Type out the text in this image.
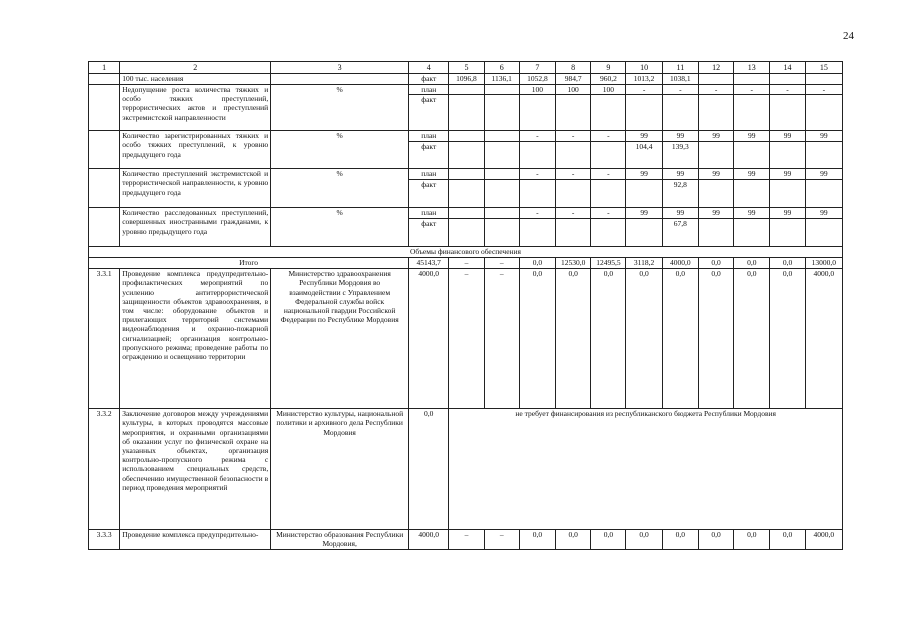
24
1	2	3	4	5	6	7	8	9	10	11	12	13	14	15
	100 тыс. населения		факт	1096,8	1136,1	1052,8	984,7	960,2	1013,2	1038,1				
	Недопущение роста количества тяжких и особо тяжких преступлений, террористических актов и преступлений экстремистской направленности	%	план			100	100	100	-	-	-	-	-	-
			факт											
	Количество зарегистрированных тяжких и особо тяжких преступлений, к уровню предыдущего года	%	план			-	-	-	99	99	99	99	99	99
			факт						104,4	139,3				
	Количество преступлений экстремистской и террористической направленности, к уровню предыдущего года	%	план			-	-	-	99	99	99	99	99	99
			факт							92,8				
	Количество расследованных преступлений, совершенных иностранными гражданами, к уровню предыдущего года	%	план			-	-	-	99	99	99	99	99	99
			факт							67,8				
Объемы финансового обеспечения														
Итого			45143,7	–	–	0,0	12530,0	12495,5	3118,2	4000,0	0,0	0,0	0,0	13000,0
3.3.1	Проведение комплекса предупредительно-профилактических мероприятий по усилению антитеррористической защищенности объектов здравоохранения, в том числе: оборудование объектов и прилегающих территорий системами видеонаблюдения и охранно-пожарной сигнализацией; организация контрольно-пропускного режима; проведение работы по ограждению и освещению территории	Министерство здравоохранения Республики Мордовия во взаимодействии с Управлением Федеральной службы войск национальной гвардии Российской Федерации по Республике Мордовия	4000,0	–	–	0,0	0,0	0,0	0,0	0,0	0,0	0,0	0,0	4000,0
3.3.2	Заключение договоров между учреждениями культуры, в которых проводятся массовые мероприятия, и охранными организациями об оказании услуг по физической охране на указанных объектах, организация контрольно-пропускного режима с использованием специальных средств, обеспечению имущественной безопасности в период проведения мероприятий	Министерство культуры, национальной политики и архивного дела Республики Мордовия	0,0	не требует финансирования из республиканского бюджета Республики Мордовия										
3.3.3	Проведение комплекса предупредительно-	Министерство образования Республики Мордовия,	4000,0	–	–	0,0	0,0	0,0	0,0	0,0	0,0	0,0	0,0	4000,0
